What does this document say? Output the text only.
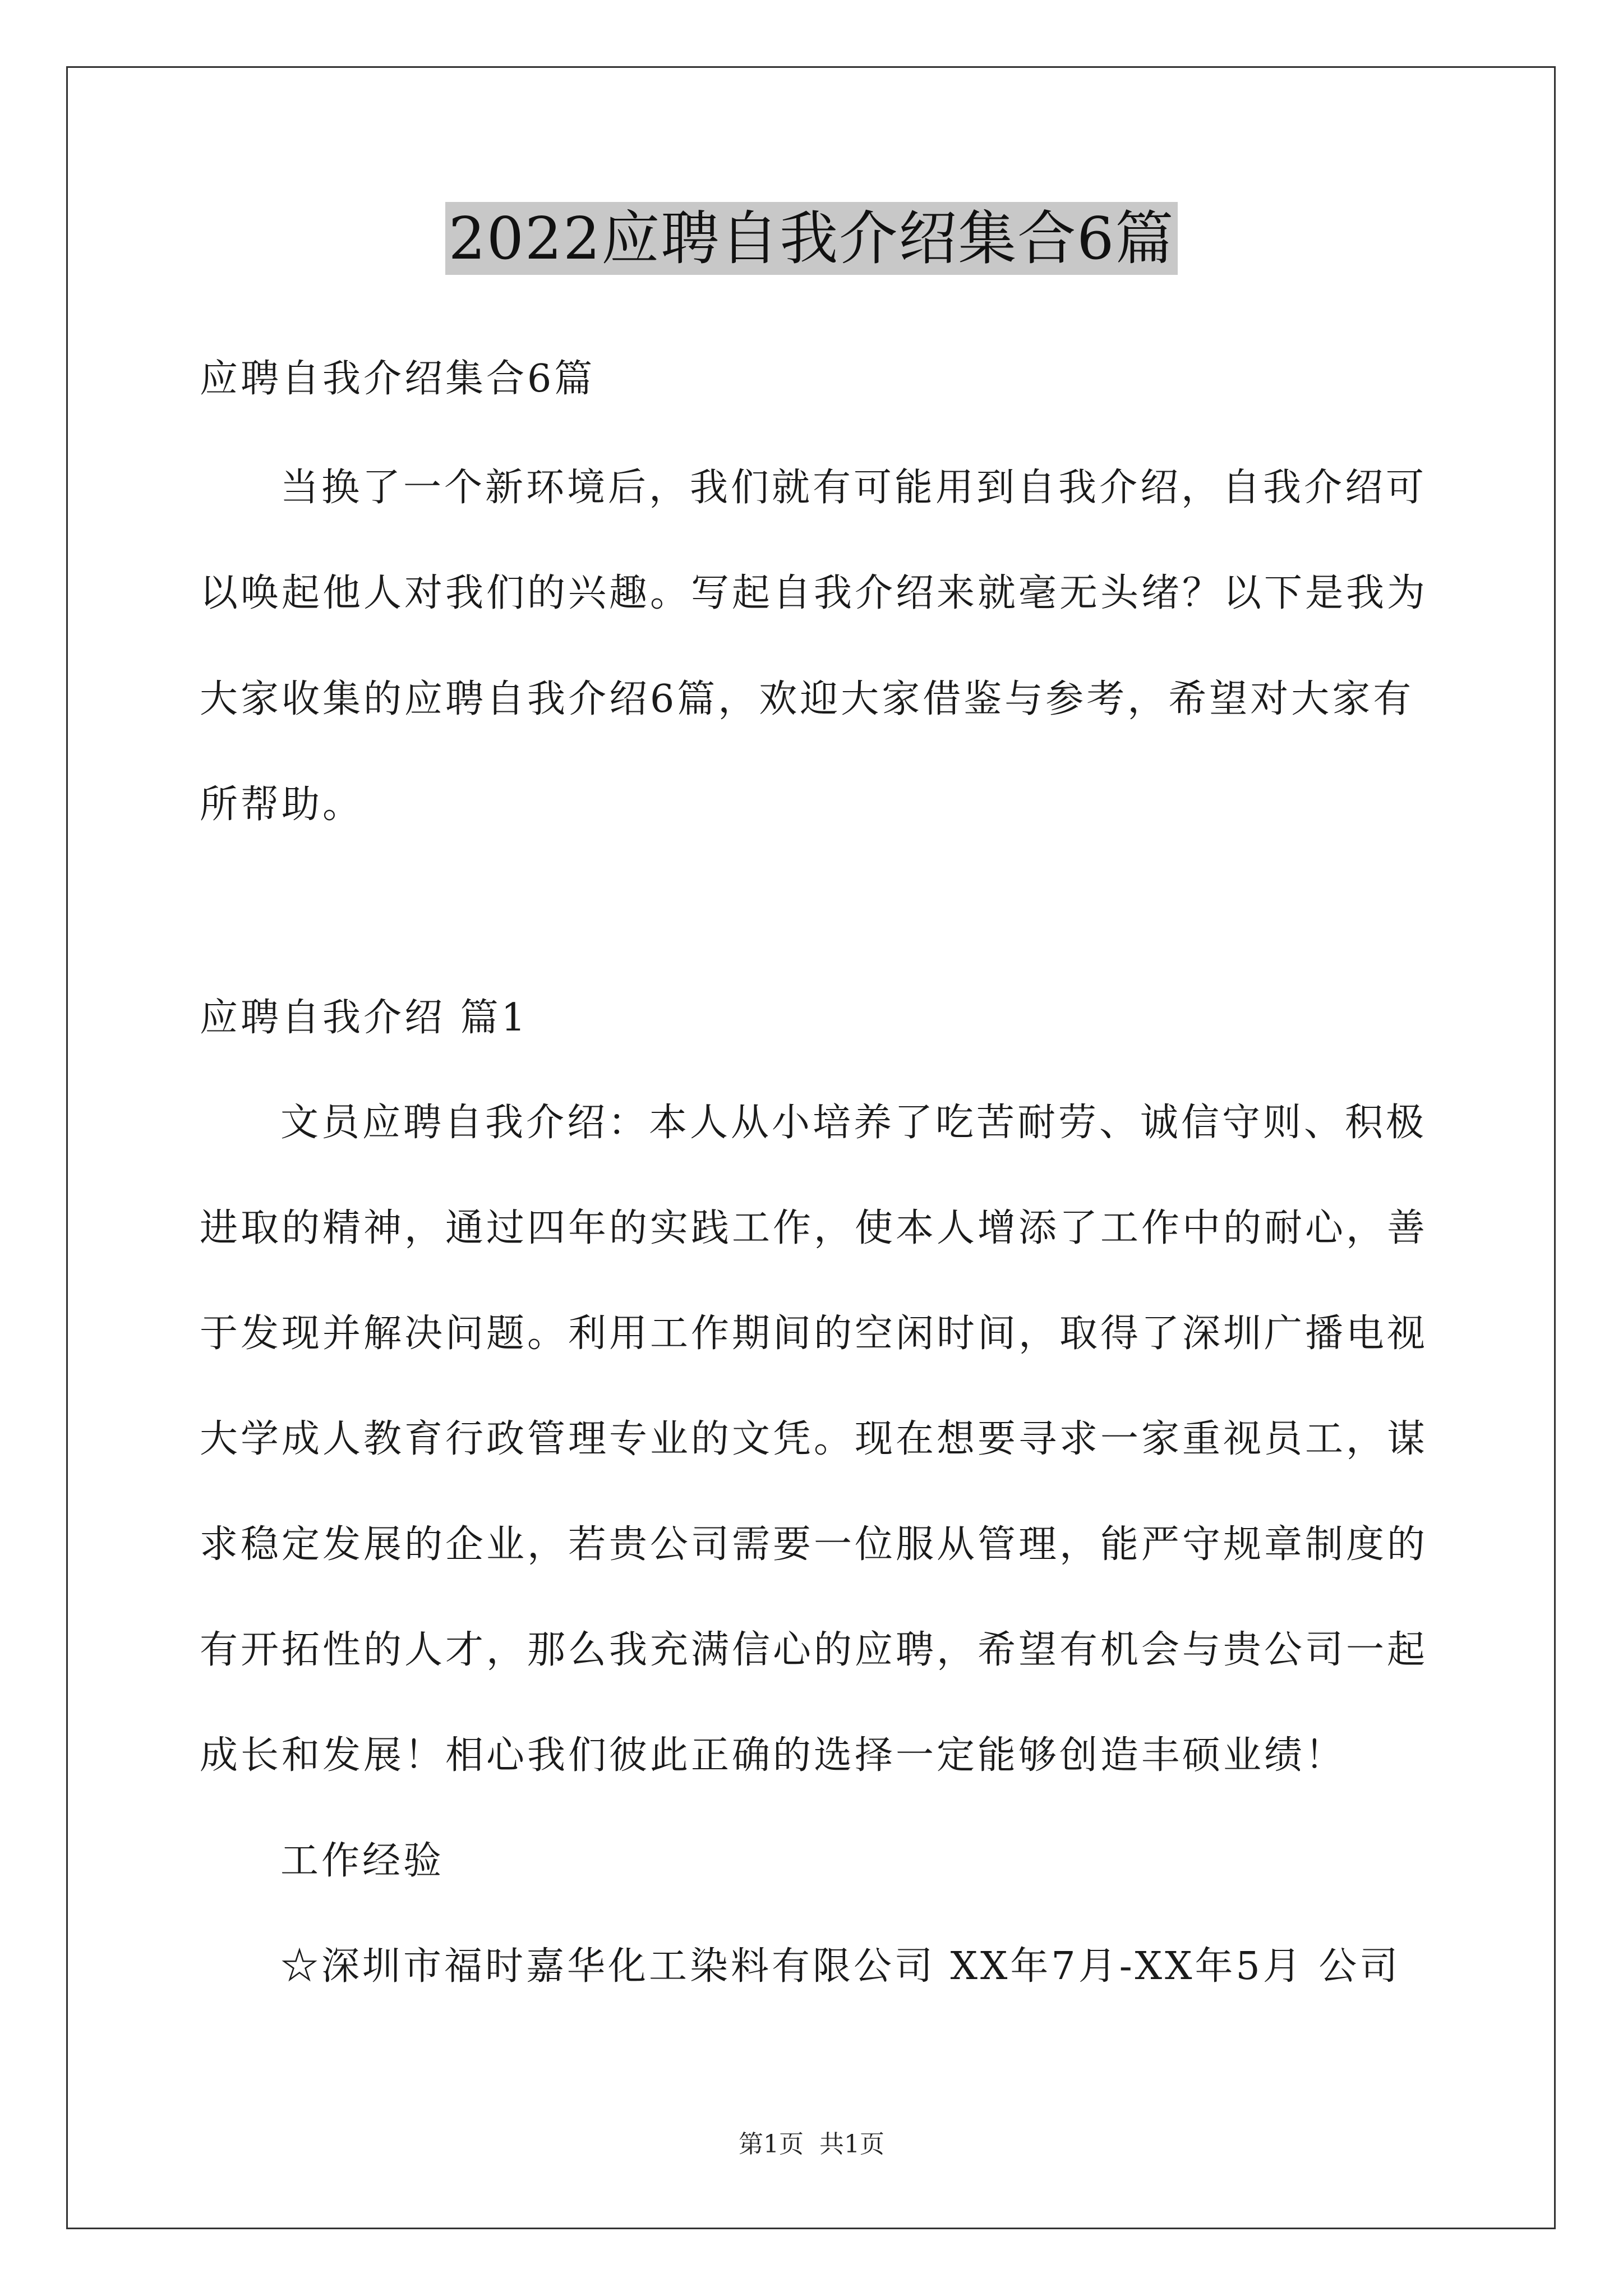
2022应聘自我介绍集合6篇
应聘自我介绍集合6篇
当换了一个新环境后，我们就有可能用到自我介绍，自我介绍可
以唤起他人对我们的兴趣。写起自我介绍来就毫无头绪？以下是我为
大家收集的应聘自我介绍6篇，欢迎大家借鉴与参考，希望对大家有
所帮助。
应聘自我介绍 篇1
文员应聘自我介绍：本人从小培养了吃苦耐劳、诚信守则、积极
进取的精神，通过四年的实践工作，使本人增添了工作中的耐心，善
于发现并解决问题。利用工作期间的空闲时间，取得了深圳广播电视
大学成人教育行政管理专业的文凭。现在想要寻求一家重视员工，谋
求稳定发展的企业，若贵公司需要一位服从管理，能严守规章制度的
有开拓性的人才，那么我充满信心的应聘，希望有机会与贵公司一起
成长和发展！相心我们彼此正确的选择一定能够创造丰硕业绩！
工作经验
☆深圳市福时嘉华化工染料有限公司 XX年7月-XX年5月 公司
第1页 共1页
